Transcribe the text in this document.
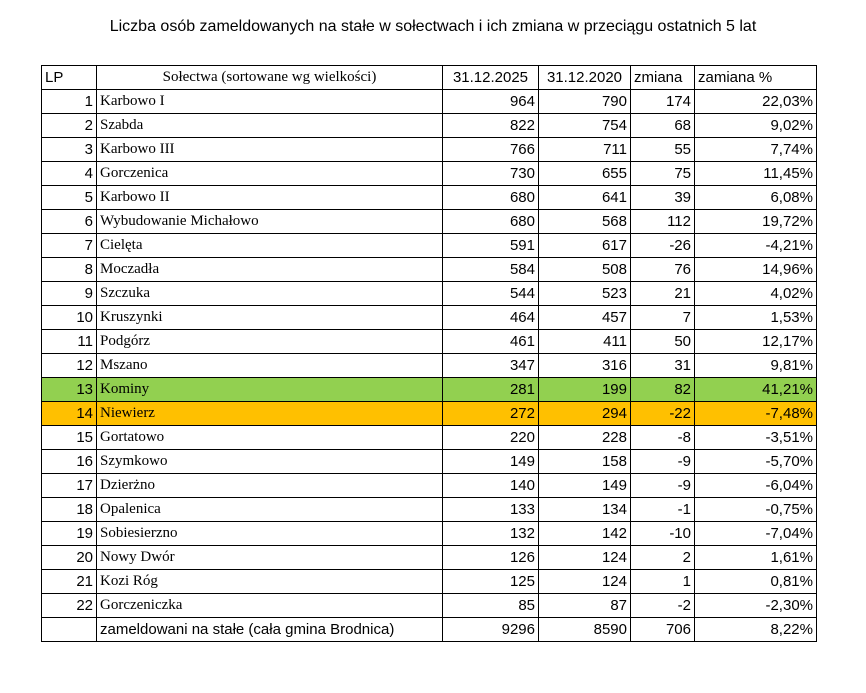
Liczba osób zameldowanych na stałe w sołectwach i ich zmiana w przeciągu ostatnich 5 lat
LP	Sołectwa (sortowane wg wielkości)	31.12.2025	31.12.2020	zmiana	zamiana %
1	Karbowo I	964	790	174	22,03%
2	Szabda	822	754	68	9,02%
3	Karbowo III	766	711	55	7,74%
4	Gorczenica	730	655	75	11,45%
5	Karbowo II	680	641	39	6,08%
6	Wybudowanie Michałowo	680	568	112	19,72%
7	Cielęta	591	617	-26	-4,21%
8	Moczadła	584	508	76	14,96%
9	Szczuka	544	523	21	4,02%
10	Kruszynki	464	457	7	1,53%
11	Podgórz	461	411	50	12,17%
12	Mszano	347	316	31	9,81%
13	Kominy	281	199	82	41,21%
14	Niewierz	272	294	-22	-7,48%
15	Gortatowo	220	228	-8	-3,51%
16	Szymkowo	149	158	-9	-5,70%
17	Dzierżno	140	149	-9	-6,04%
18	Opalenica	133	134	-1	-0,75%
19	Sobiesierzno	132	142	-10	-7,04%
20	Nowy Dwór	126	124	2	1,61%
21	Kozi Róg	125	124	1	0,81%
22	Gorczeniczka	85	87	-2	-2,30%
	zameldowani na stałe (cała gmina Brodnica)	9296	8590	706	8,22%
